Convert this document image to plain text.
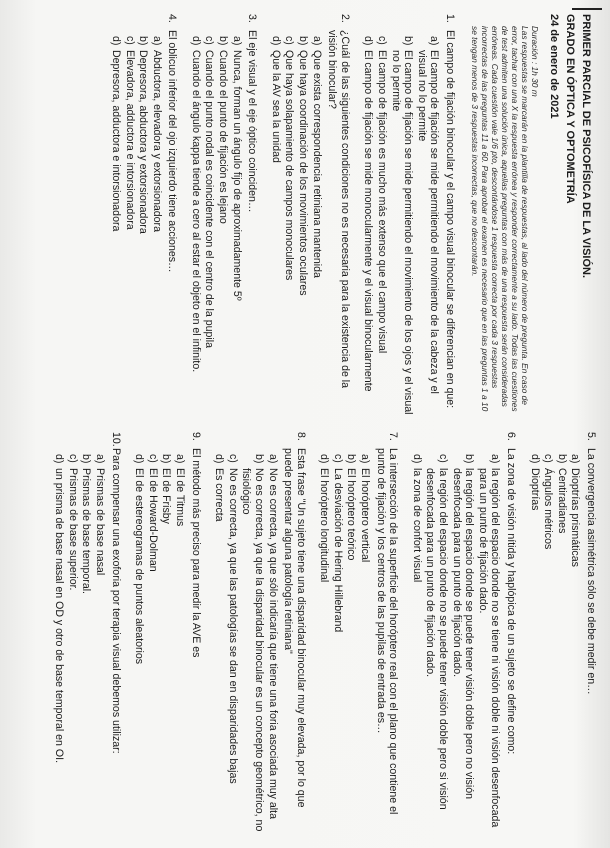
PRIMER PARCIAL DE PSICOFÍSICA DE LA VISIÓN.
GRADO EN ÓPTICA Y OPTOMETRÍA
24 de enero de 2021
Duración : 1h 30 m
Las respuestas se marcarán en la plantilla de respuestas, al lado del número de pregunta. En caso de error, tachar con una X la respuesta errónea y responder correctamente a su lado. Todas las cuestiones de test admiten una solución única, aquellas preguntas con más de una respuesta serán consideradas erróneas. Cada cuestión vale 1/6 pto, descontándose 1 respuesta correcta por cada 3 respuestas incorrectas de las preguntas 11 a 60. Para aprobar el examen es necesario que en las preguntas 1 a 10 se tengan menos de 3 respuestas incorrectas, que no descontarán.
1.El campo de fijación binocular y el campo visual binocular se diferencian en que:
a)El campo de fijación se mide permitiendo el movimiento de la cabeza y el visual no lo permite
b)El campo de fijación se mide permitiendo el movimiento de los ojos y el visual no lo permite
c)El campo de fijación es mucho más extenso que el campo visual
d)El campo de fijación se mide monocularmente y el visual binocularmente
2.¿Cuál de las siguientes condiciones no es necesaria para la existencia de la visión binocular?
a)Que exista correspondencia retiniana mantenida
b)Que haya coordinación de los movimientos oculares
c)Que haya solapamiento de campos monoculares
d)Que la AV sea la unidad
3.El eje visual y el eje óptico coinciden…
a)Nunca, forman un ángulo fijo de aproximadamente 5º
b)Cuando el punto de fijación es lejano
c)Cuando el punto nodal es coincidente con el centro de la pupila
d)Cuando el ángulo kappa tiende a cero al estar el objeto en el infinito.
4.El oblicuo inferior del ojo izquierdo tiene acciones…
a)Abductora, elevadora y extorsionadora
b)Depresora, abductora y extorsionadora
c)Elevadora, adductora e intorsionadora
d)Depresora, adductora e intorsionadora
5.La convergencia asimétrica sólo se debe medir en…
a)Dioptrías prismáticas
b)Centiradianes
c)Ángulos métricos
d)Dioptrías
6.La zona de visión nítida y haplópica de un sujeto se define como:
a)la región del espacio donde no se tiene ni visión doble ni visión desenfocada para un punto de fijación dado.
b)la región del espacio donde se puede tener visión doble pero no visión desenfocada para un punto de fijación dado.
c)la región del espacio donde no se puede tener visión doble pero si visión desenfocada para un punto de fijación dado.
d)la zona de confort visual
7.La intersección de la superficie del horóptero real con el plano que contiene el punto de fijación y los centros de las pupilas de entrada es…
a)El horóptero vertical
b)El horóptero teórico
c)La desviación de Hering Hillebrand
d)El horóptero longitudinal
8.Esta frase "Un sujeto tiene una disparidad binocular muy elevada, por lo que puede presentar alguna patología retiniana"
a)No es correcta, ya que sólo indicaría que tiene una foria asociada muy alta
b)No es correcta, ya que la disparidad binocular es un concepto geométrico, no fisiológico
c)No es correcta, ya que las patologías se dan en disparidades bajas
d)Es correcta
9.El método más preciso para medir la AVE es
a)El de Titmus
b)El de Frisby
c)El de Howard-Dolman
d)El de estereogramas de puntos aleatorios
10.Para compensar una exoforia por terapia visual debemos utilizar:
a)Prismas de base nasal
b)Prismas de base temporal.
c)Prismas de base superior.
d)un prisma de base nasal en OD y otro de base temporal en OI.
